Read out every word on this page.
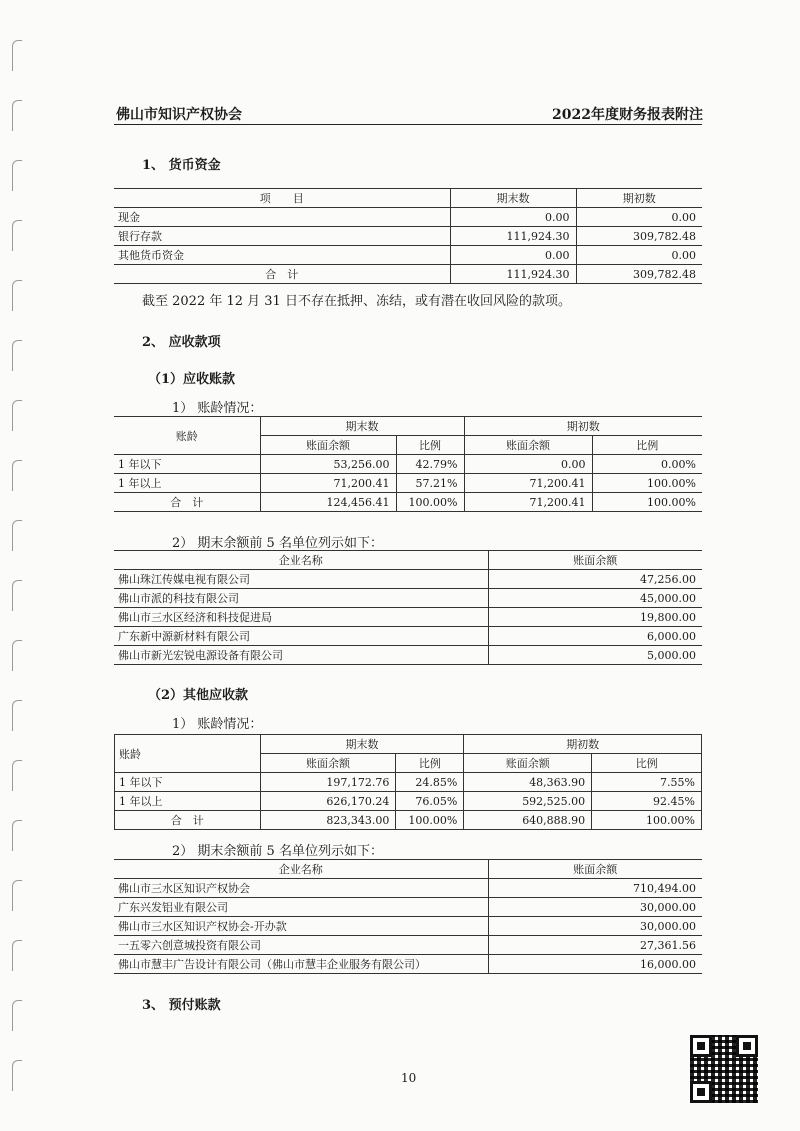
佛山市知识产权协会	2022年度财务报表附注
1、 货币资金
项　　目	期末数	期初数
现金	0.00	0.00
银行存款	111,924.30	309,782.48
其他货币资金	0.00	0.00
合　计	111,924.30	309,782.48
截至 2022 年 12 月 31 日不存在抵押、冻结，或有潜在收回风险的款项。
2、 应收款项
（1）应收账款
1） 账龄情况：
账龄	期末数		期初数	
	账面余额	比例	账面余额	比例
1 年以下	53,256.00	42.79%	0.00	0.00%
1 年以上	71,200.41	57.21%	71,200.41	100.00%
合　计	124,456.41	100.00%	71,200.41	100.00%
2） 期末余额前 5 名单位列示如下：
企业名称	账面余额
佛山珠江传媒电视有限公司	47,256.00
佛山市派的科技有限公司	45,000.00
佛山市三水区经济和科技促进局	19,800.00
广东新中源新材料有限公司	6,000.00
佛山市新光宏锐电源设备有限公司	5,000.00
（2）其他应收款
1） 账龄情况：
账龄	期末数		期初数	
	账面余额	比例	账面余额	比例
1 年以下	197,172.76	24.85%	48,363.90	7.55%
1 年以上	626,170.24	76.05%	592,525.00	92.45%
合　计	823,343.00	100.00%	640,888.90	100.00%
2） 期末余额前 5 名单位列示如下：
企业名称	账面余额
佛山市三水区知识产权协会	710,494.00
广东兴发铝业有限公司	30,000.00
佛山市三水区知识产权协会-开办款	30,000.00
一五零六创意城投资有限公司	27,361.56
佛山市慧丰广告设计有限公司（佛山市慧丰企业服务有限公司）	16,000.00
3、 预付账款
10
